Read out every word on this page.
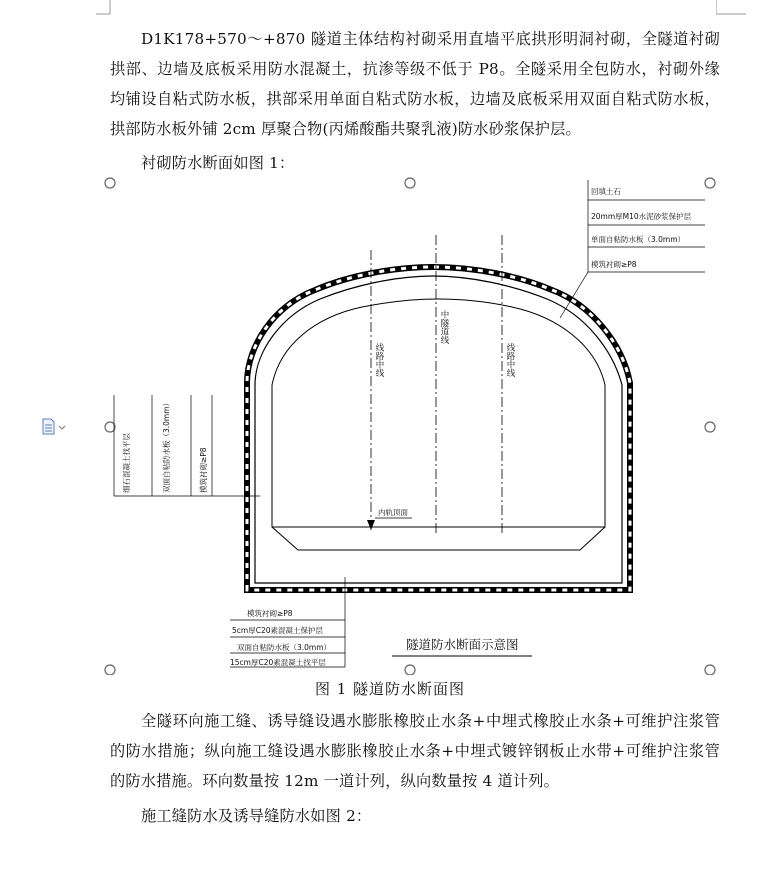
D1K178+570～+870 隧道主体结构衬砌采用直墙平底拱形明洞衬砌，全隧道衬砌拱部、边墙及底板采用防水混凝土，抗渗等级不低于 P8。全隧采用全包防水，衬砌外缘均铺设自粘式防水板，拱部采用单面自粘式防水板，边墙及底板采用双面自粘式防水板，拱部防水板外铺 2cm 厚聚合物(丙烯酸酯共聚乳液)防水砂浆保护层。
衬砌防水断面如图 1：
线路中线
中隧道线
线路中线
内轨顶面
回填土石
20mm厚M10水泥砂浆保护层
单面自粘防水板（3.0mm）
模筑衬砌≥P8
细石混凝土找平层	双面自粘防水板（3.0mm）	模筑衬砌≥P8
模筑衬砌≥P8
5cm厚C20素混凝土保护层
双面自粘防水板（3.0mm）
15cm厚C20素混凝土找平层
隧道防水断面示意图
图 1 隧道防水断面图
全隧环向施工缝、诱导缝设遇水膨胀橡胶止水条+中埋式橡胶止水条+可维护注浆管的防水措施；纵向施工缝设遇水膨胀橡胶止水条+中埋式镀锌钢板止水带+可维护注浆管的防水措施。环向数量按 12m 一道计列，纵向数量按 4 道计列。
施工缝防水及诱导缝防水如图 2：
